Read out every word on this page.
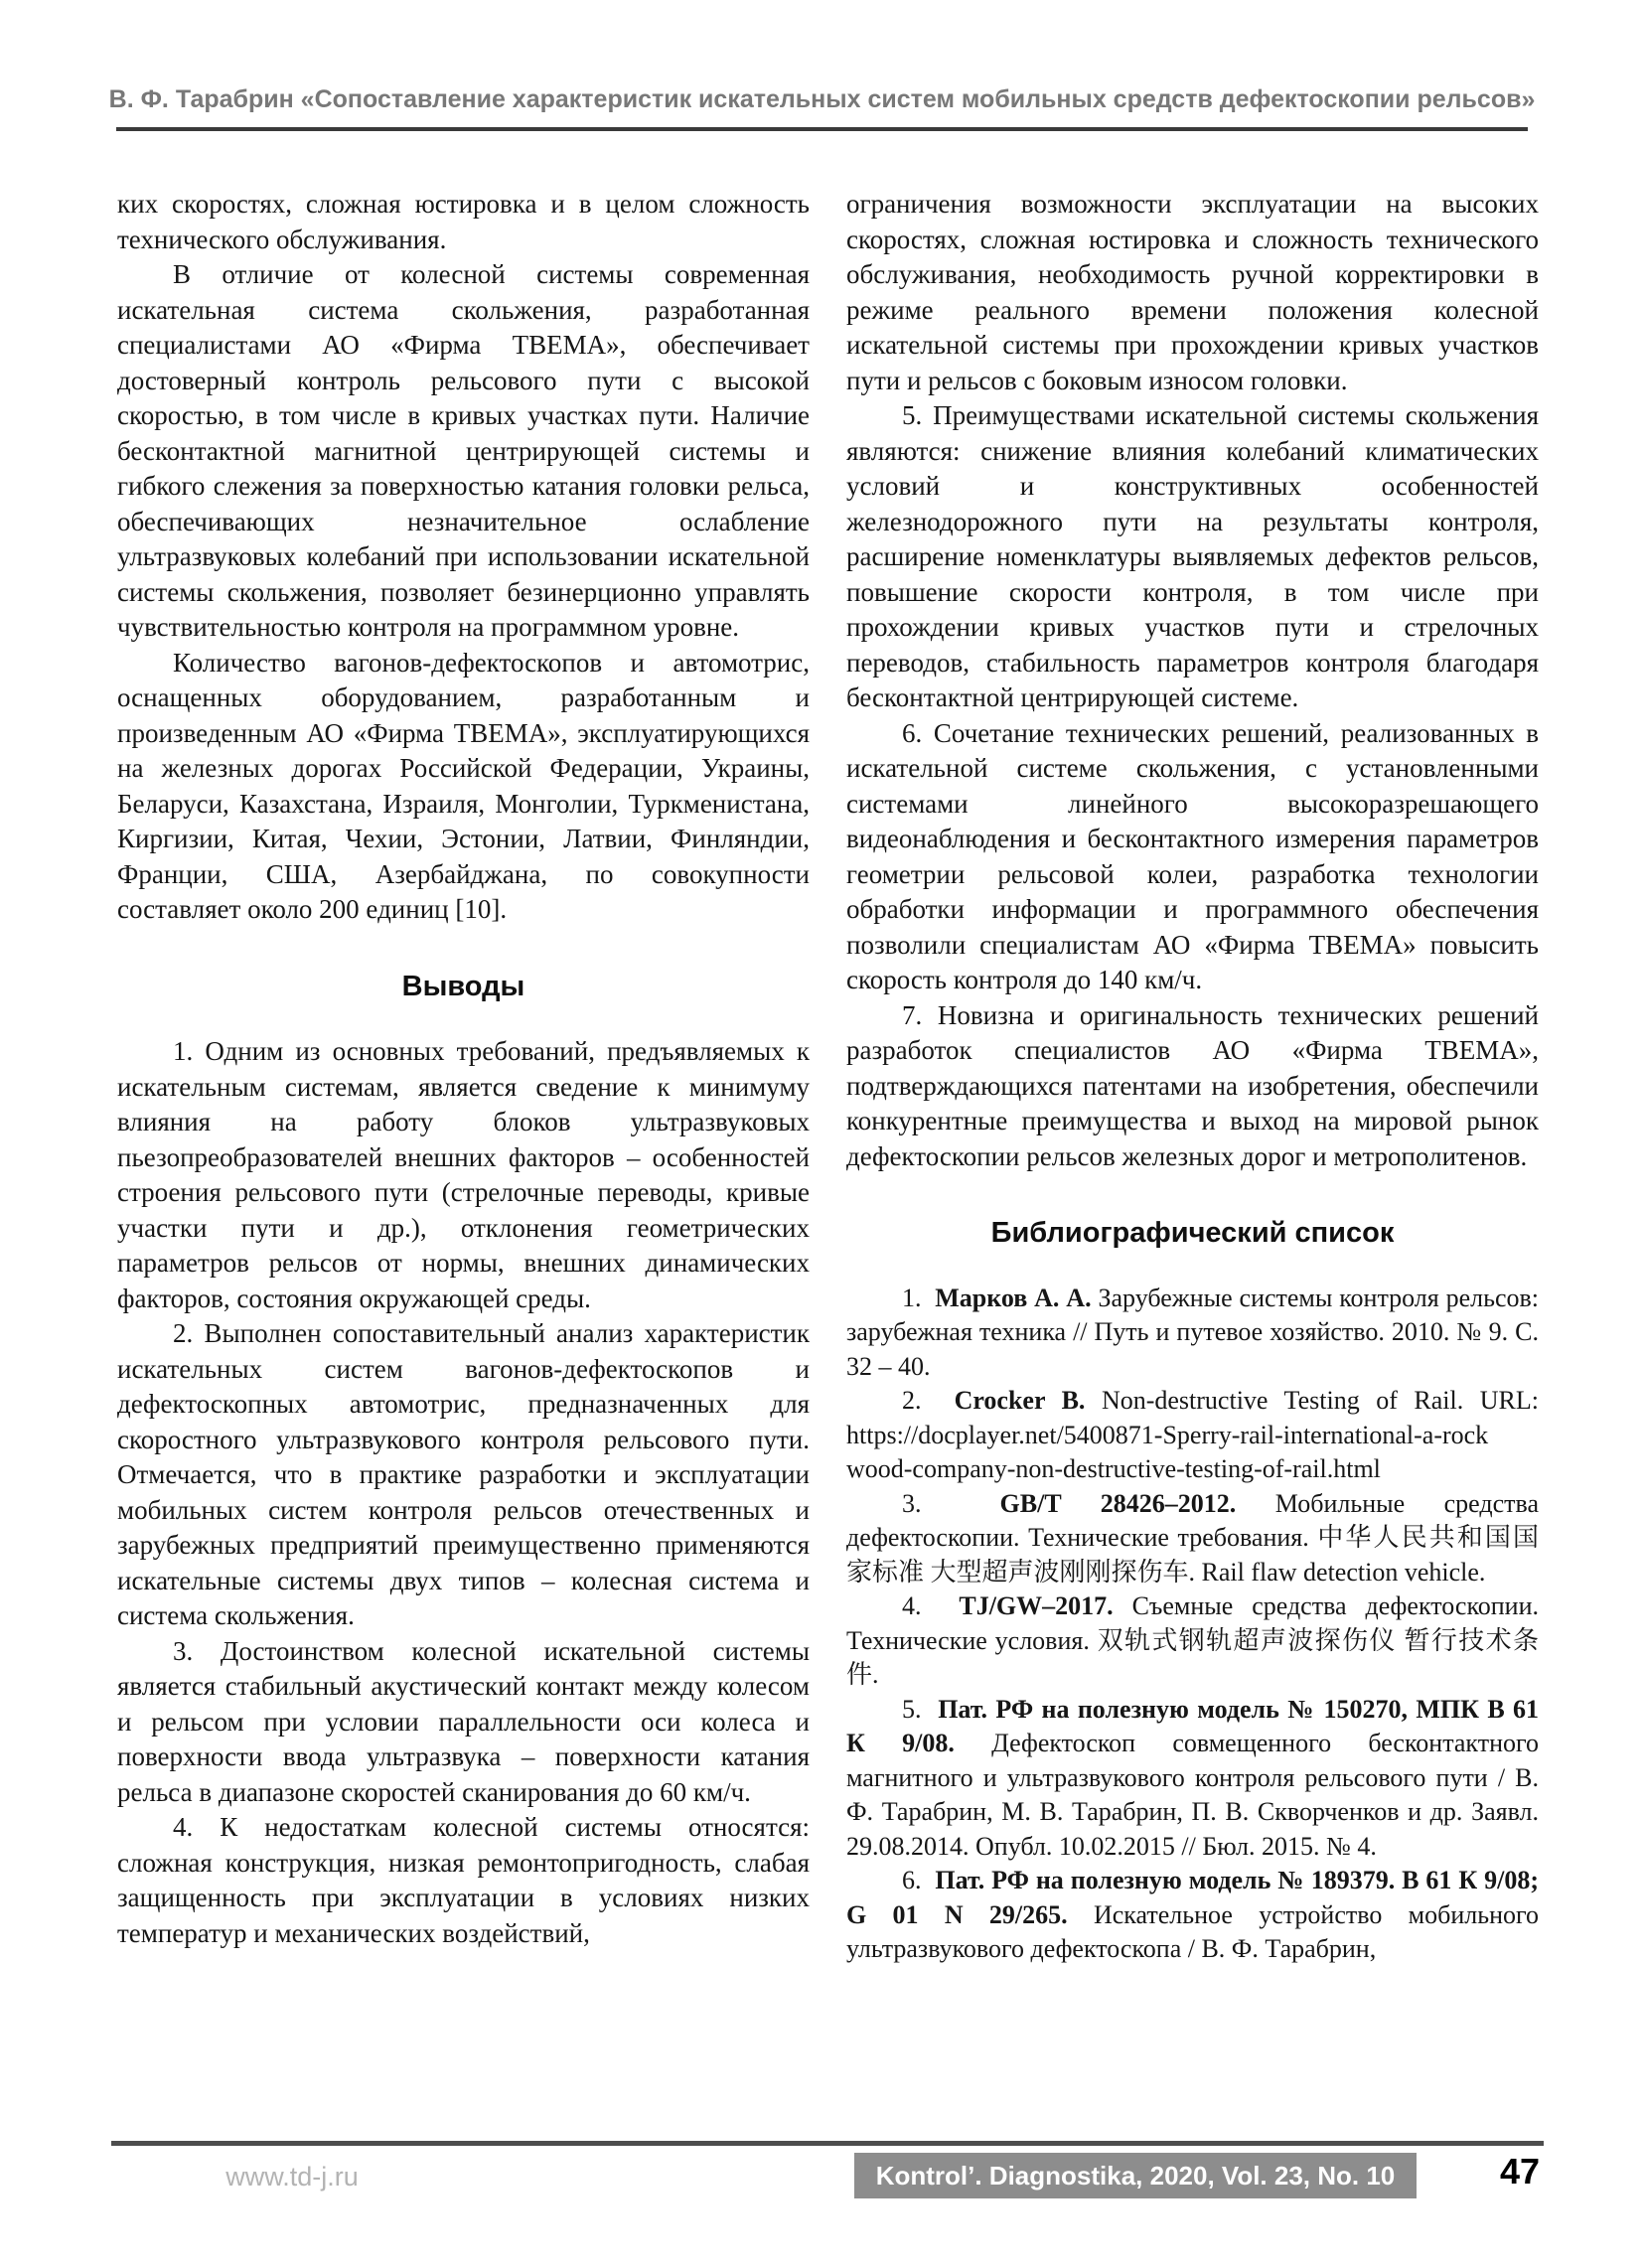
В. Ф. Тарабрин «Сопоставление характеристик искательных систем мобильных средств дефектоскопии рельсов»

ких скоростях, сложная юстировка и в целом сложность технического обслуживания.

В отличие от колесной системы современная искательная система скольжения, разработанная специалистами АО «Фирма ТВЕМА», обеспечивает достоверный контроль рельсового пути с высокой скоростью, в том числе в кривых участках пути. Наличие бесконтактной магнитной центрирующей системы и гибкого слежения за поверхностью катания головки рельса, обеспечивающих незначительное ослабление ультразвуковых колебаний при использовании искательной системы скольжения, позволяет безинерционно управлять чувствительностью контроля на программном уровне.

Количество вагонов-дефектоскопов и автомотрис, оснащенных оборудованием, разработанным и произведенным АО «Фирма ТВЕМА», эксплуатирующихся на железных дорогах Российской Федерации, Украины, Беларуси, Казахстана, Израиля, Монголии, Туркменистана, Киргизии, Китая, Чехии, Эстонии, Латвии, Финляндии, Франции, США, Азербайджана, по совокупности составляет около 200 единиц [10].

Выводы

1. Одним из основных требований, предъявляемых к искательным системам, является сведение к минимуму влияния на работу блоков ультразвуковых пьезопреобразователей внешних факторов – особенностей строения рельсового пути (стрелочные переводы, кривые участки пути и др.), отклонения геометрических параметров рельсов от нормы, внешних динамических факторов, состояния окружающей среды.

2. Выполнен сопоставительный анализ характеристик искательных систем вагонов-дефектоскопов и дефектоскопных автомотрис, предназначенных для скоростного ультразвукового контроля рельсового пути. Отмечается, что в практике разработки и эксплуатации мобильных систем контроля рельсов отечественных и зарубежных предприятий преимущественно применяются искательные системы двух типов – колесная система и система скольжения.

3. Достоинством колесной искательной системы является стабильный акустический контакт между колесом и рельсом при условии параллельности оси колеса и поверхности ввода ультразвука – поверхности катания рельса в диапазоне скоростей сканирования до 60 км/ч.

4. К недостаткам колесной системы относятся: сложная конструкция, низкая ремонтопригодность, слабая защищенность при эксплуатации в условиях низких температур и механических воздействий,

ограничения возможности эксплуатации на высоких скоростях, сложная юстировка и сложность технического обслуживания, необходимость ручной корректировки в режиме реального времени положения колесной искательной системы при прохождении кривых участков пути и рельсов с боковым износом головки.

5. Преимуществами искательной системы скольжения являются: снижение влияния колебаний климатических условий и конструктивных особенностей железнодорожного пути на результаты контроля, расширение номенклатуры выявляемых дефектов рельсов, повышение скорости контроля, в том числе при прохождении кривых участков пути и стрелочных переводов, стабильность параметров контроля благодаря бесконтактной центрирующей системе.

6. Сочетание технических решений, реализованных в искательной системе скольжения, с установленными системами линейного высокоразрешающего видеонаблюдения и бесконтактного измерения параметров геометрии рельсовой колеи, разработка технологии обработки информации и программного обеспечения позволили специалистам АО «Фирма ТВЕМА» повысить скорость контроля до 140 км/ч.

7. Новизна и оригинальность технических решений разработок специалистов АО «Фирма ТВЕМА», подтверждающихся патентами на изобретения, обеспечили конкурентные преимущества и выход на мировой рынок дефектоскопии рельсов железных дорог и метрополитенов.

Библиографический список

1.  Марков А. А. Зарубежные системы контроля рельсов: зарубежная техника // Путь и путевое хозяйство. 2010. № 9. С. 32 – 40.

2.  Crocker B. Non-destructive Testing of Rail. URL: https://docplayer.net/5400871-Sperry-rail-international-a-rock wood-company-non-destructive-testing-of-rail.html

3.  GB/T 28426–2012. Мобильные средства дефектоскопии. Технические требования. 中华人民共和国国家标准 大型超声波刚刚探伤车. Rail flaw detection vehicle.

4.  TJ/GW–2017. Съемные средства дефектоскопии. Технические условия. 双轨式钢轨超声波探伤仪 暂行技术条件.

5.  Пат. РФ на полезную модель № 150270, МПК В 61 К 9/08. Дефектоскоп совмещенного бесконтактного магнитного и ультразвукового контроля рельсового пути / В. Ф. Тарабрин, М. В. Тарабрин, П. В. Скворченков и др. Заявл. 29.08.2014. Опубл. 10.02.2015 // Бюл. 2015. № 4.

6.  Пат. РФ на полезную модель № 189379. В 61 К 9/08; G 01 N 29/265. Искательное устройство мобильного ультразвукового дефектоскопа / В. Ф. Тарабрин,

www.td-j.ru	Kontrol’. Diagnostika, 2020, Vol. 23, No. 10	47
